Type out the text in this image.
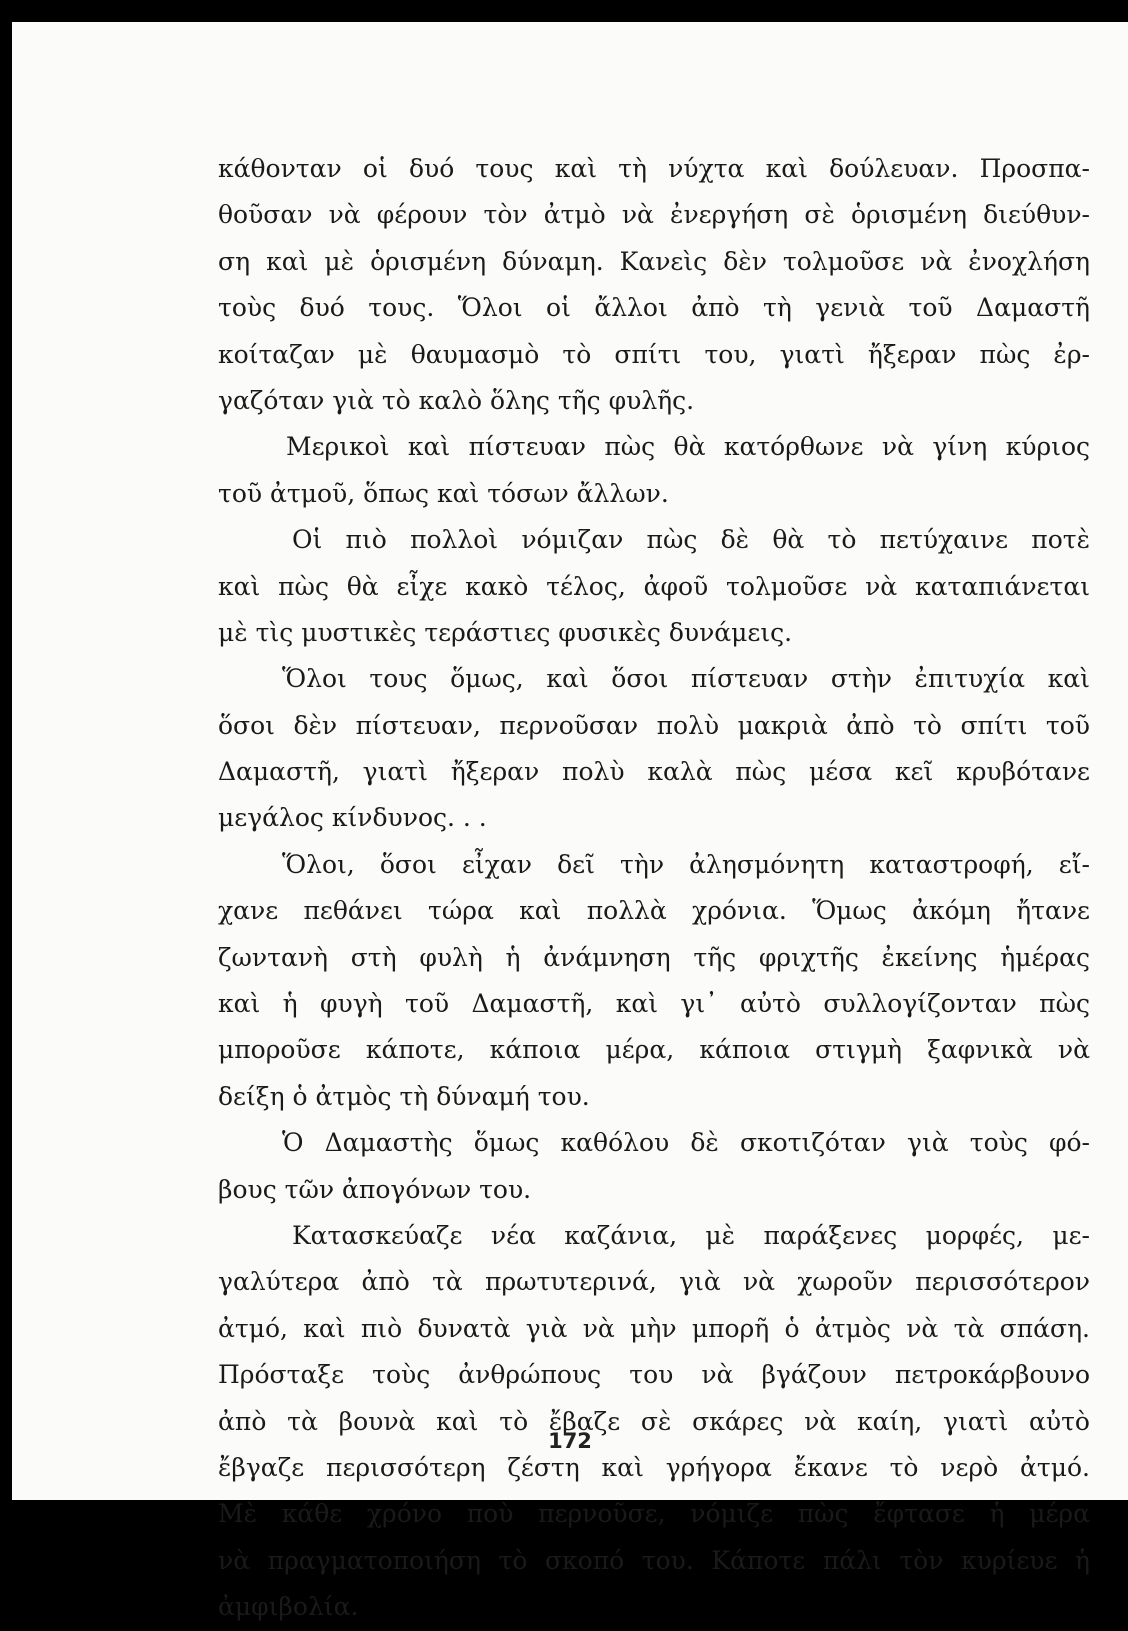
κάθονταν οἱ δυό τους καὶ τὴ νύχτα καὶ δούλευαν. Προσπα-
θοῦσαν νὰ φέρουν τὸν ἀτμὸ νὰ ἐνεργήση σὲ ὁρισμένη διεύθυν-
ση καὶ μὲ ὁρισμένη δύναμη. Κανεὶς δὲν τολμοῦσε νὰ ἐνοχλήση
τοὺς δυό τους. Ὅλοι οἱ ἄλλοι ἀπὸ τὴ γενιὰ τοῦ Δαμαστῆ
κοίταζαν μὲ θαυμασμὸ τὸ σπίτι του, γιατὶ ἤξεραν πὼς ἐρ-
γαζόταν γιὰ τὸ καλὸ ὅλης τῆς φυλῆς.
Μερικοὶ καὶ πίστευαν πὼς θὰ κατόρθωνε νὰ γίνη κύριος
τοῦ ἀτμοῦ, ὅπως καὶ τόσων ἄλλων.
Οἱ πιὸ πολλοὶ νόμιζαν πὼς δὲ θὰ τὸ πετύχαινε ποτὲ
καὶ πὼς θὰ εἶχε κακὸ τέλος, ἀφοῦ τολμοῦσε νὰ καταπιάνεται
μὲ τὶς μυστικὲς τεράστιες φυσικὲς δυνάμεις.
Ὅλοι τους ὅμως, καὶ ὅσοι πίστευαν στὴν ἐπιτυχία καὶ
ὅσοι δὲν πίστευαν, περνοῦσαν πολὺ μακριὰ ἀπὸ τὸ σπίτι τοῦ
Δαμαστῆ, γιατὶ ἤξεραν πολὺ καλὰ πὼς μέσα κεῖ κρυβότανε
μεγάλος κίνδυνος. . .
Ὅλοι, ὅσοι εἶχαν δεῖ τὴν ἀλησμόνητη καταστροφή, εἴ-
χανε πεθάνει τώρα καὶ πολλὰ χρόνια. Ὅμως ἀκόμη ἤτανε
ζωντανὴ στὴ φυλὴ ἡ ἀνάμνηση τῆς φριχτῆς ἐκείνης ἡμέρας
καὶ ἡ φυγὴ τοῦ Δαμαστῆ, καὶ γι᾽ αὐτὸ συλλογίζονταν πὼς
μποροῦσε κάποτε, κάποια μέρα, κάποια στιγμὴ ξαφνικὰ νὰ
δείξη ὁ ἀτμὸς τὴ δύναμή του.
Ὁ Δαμαστὴς ὅμως καθόλου δὲ σκοτιζόταν γιὰ τοὺς φό-
βους τῶν ἀπογόνων του.
Κατασκεύαζε νέα καζάνια, μὲ παράξενες μορφές, με-
γαλύτερα ἀπὸ τὰ πρωτυτερινά, γιὰ νὰ χωροῦν περισσότερον
ἀτμό, καὶ πιὸ δυνατὰ γιὰ νὰ μὴν μπορῆ ὁ ἀτμὸς νὰ τὰ σπάση.
Πρόσταξε τοὺς ἀνθρώπους του νὰ βγάζουν πετροκάρβουνο
ἀπὸ τὰ βουνὰ καὶ τὸ ἔβαζε σὲ σκάρες νὰ καίη, γιατὶ αὐτὸ
ἔβγαζε περισσότερη ζέστη καὶ γρήγορα ἔκανε τὸ νερὸ ἀτμό.
Μὲ κάθε χρόνο ποὺ περνοῦσε, νόμιζε πὼς ἔφτασε ἡ μέρα
νὰ πραγματοποιήση τὸ σκοπό του. Κάποτε πάλι τὸν κυρίευε ἡ
ἀμφιβολία.
172
